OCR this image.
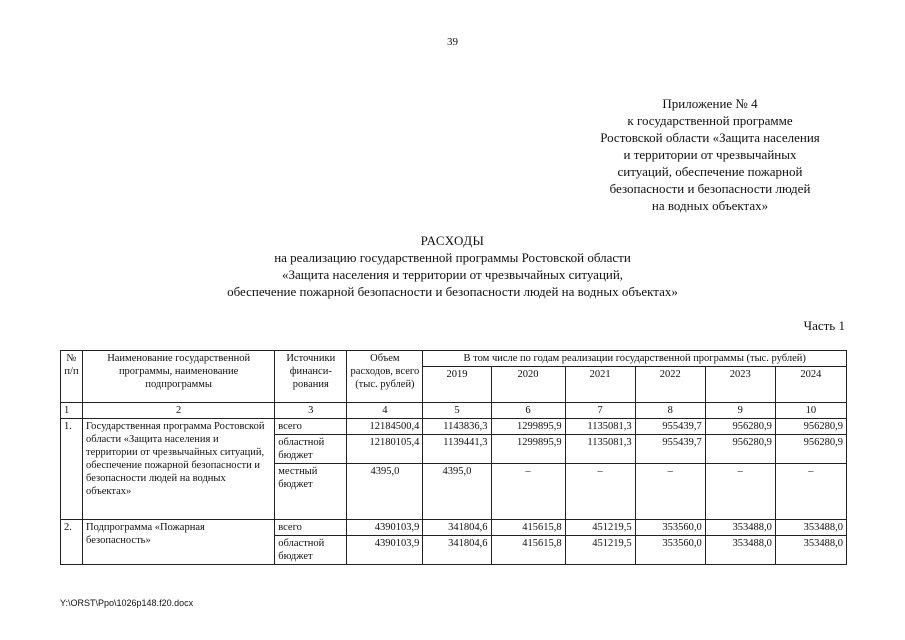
39
Приложение № 4
к государственной программе
Ростовской области «Защита населения
и территории от чрезвычайных
ситуаций, обеспечение пожарной
безопасности и безопасности людей
на водных объектах»
РАСХОДЫ
на реализацию государственной программы Ростовской области
«Защита населения и территории от чрезвычайных ситуаций,
обеспечение пожарной безопасности и безопасности людей на водных объектах»
Часть 1
№ п/п	Наименование государственной программы, наименование подпрограммы	Источники финанси-рования	Объем расходов, всего (тыс. рублей)	В том числе по годам реализации государственной программы (тыс. рублей)					
				2019	2020	2021	2022	2023	2024
1	2	3	4	5	6	7	8	9	10
1.	Государственная программа Ростовской области «Защита населения и территории от чрезвычайных ситуаций, обеспечение пожарной безопасности и безопасности людей на водных объектах»	всего	12184500,4	1143836,3	1299895,9	1135081,3	955439,7	956280,9	956280,9
		областной бюджет	12180105,4	1139441,3	1299895,9	1135081,3	955439,7	956280,9	956280,9
		местный бюджет	4395,0	4395,0	–	–	–	–	–
2.	Подпрограмма «Пожарная безопасность»	всего	4390103,9	341804,6	415615,8	451219,5	353560,0	353488,0	353488,0
		областной бюджет	4390103,9	341804,6	415615,8	451219,5	353560,0	353488,0	353488,0
Y:\ORST\Ppo\1026p148.f20.docx
